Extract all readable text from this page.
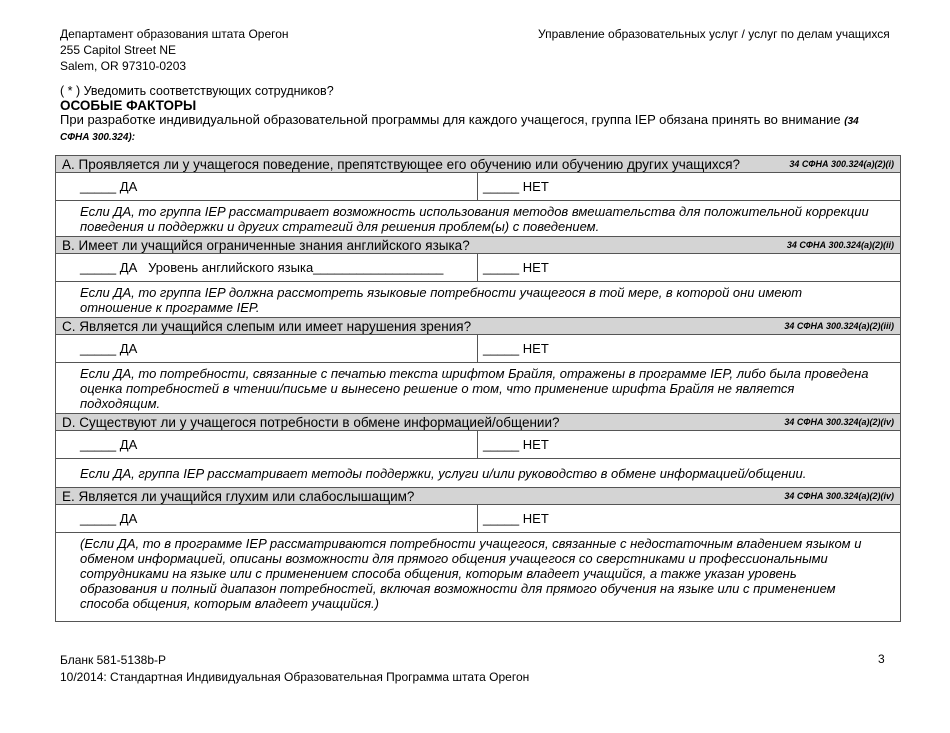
Департамент образования штата Орегон
255 Capitol Street NE
Salem, OR 97310-0203
Управление образовательных услуг / услуг по делам учащихся
( * ) Уведомить соответствующих сотрудников?
ОСОБЫЕ ФАКТОРЫ
При разработке индивидуальной образовательной программы для каждого учащегося, группа IEP обязана принять во внимание (34 СФНА 300.324):
A. Проявляется ли у учащегося поведение, препятствующее его обучению или обучению других учащихся?	34 СФНА 300.324(a)(2)(i)
_____ ДА	_____ НЕТ
Если ДА, то группа IEP рассматривает возможность использования методов вмешательства для положительной коррекции поведения и поддержки и других стратегий для решения проблем(ы) с поведением.
B. Имеет ли учащийся ограниченные знания английского языка?	34 СФНА 300.324(a)(2)(ii)
_____ ДА Уровень английского языка__________________	_____ НЕТ
Если ДА, то группа IEP должна рассмотреть языковые потребности учащегося в той мере, в которой они имеют отношение к программе IEP.
C. Является ли учащийся слепым или имеет нарушения зрения?	34 СФНА 300.324(a)(2)(iii)
_____ ДА	_____ НЕТ
Если ДА, то потребности, связанные с печатью текста шрифтом Брайля, отражены в программе IEP, либо была проведена оценка потребностей в чтении/письме и вынесено решение о том, что применение шрифта Брайля не является подходящим.
D. Существуют ли у учащегося потребности в обмене информацией/общении?	34 СФНА 300.324(a)(2)(iv)
_____ ДА	_____ НЕТ
Если ДА, группа IEP рассматривает методы поддержки, услуги и/или руководство в обмене информацией/общении.
E. Является ли учащийся глухим или слабослышащим?	34 СФНА 300.324(a)(2)(iv)
_____ ДА	_____ НЕТ
(Если ДА, то в программе IEP рассматриваются потребности учащегося, связанные с недостаточным владением языком и обменом информацией, описаны возможности для прямого общения учащегося со сверстниками и профессиональными сотрудниками на языке или с применением способа общения, которым владеет учащийся, а также указан уровень образования и полный диапазон потребностей, включая возможности для прямого обучения на языке или с применением способа общения, которым владеет учащийся.)
Бланк 581-5138b-P
10/2014: Стандартная Индивидуальная Образовательная Программа штата Орегон
3
